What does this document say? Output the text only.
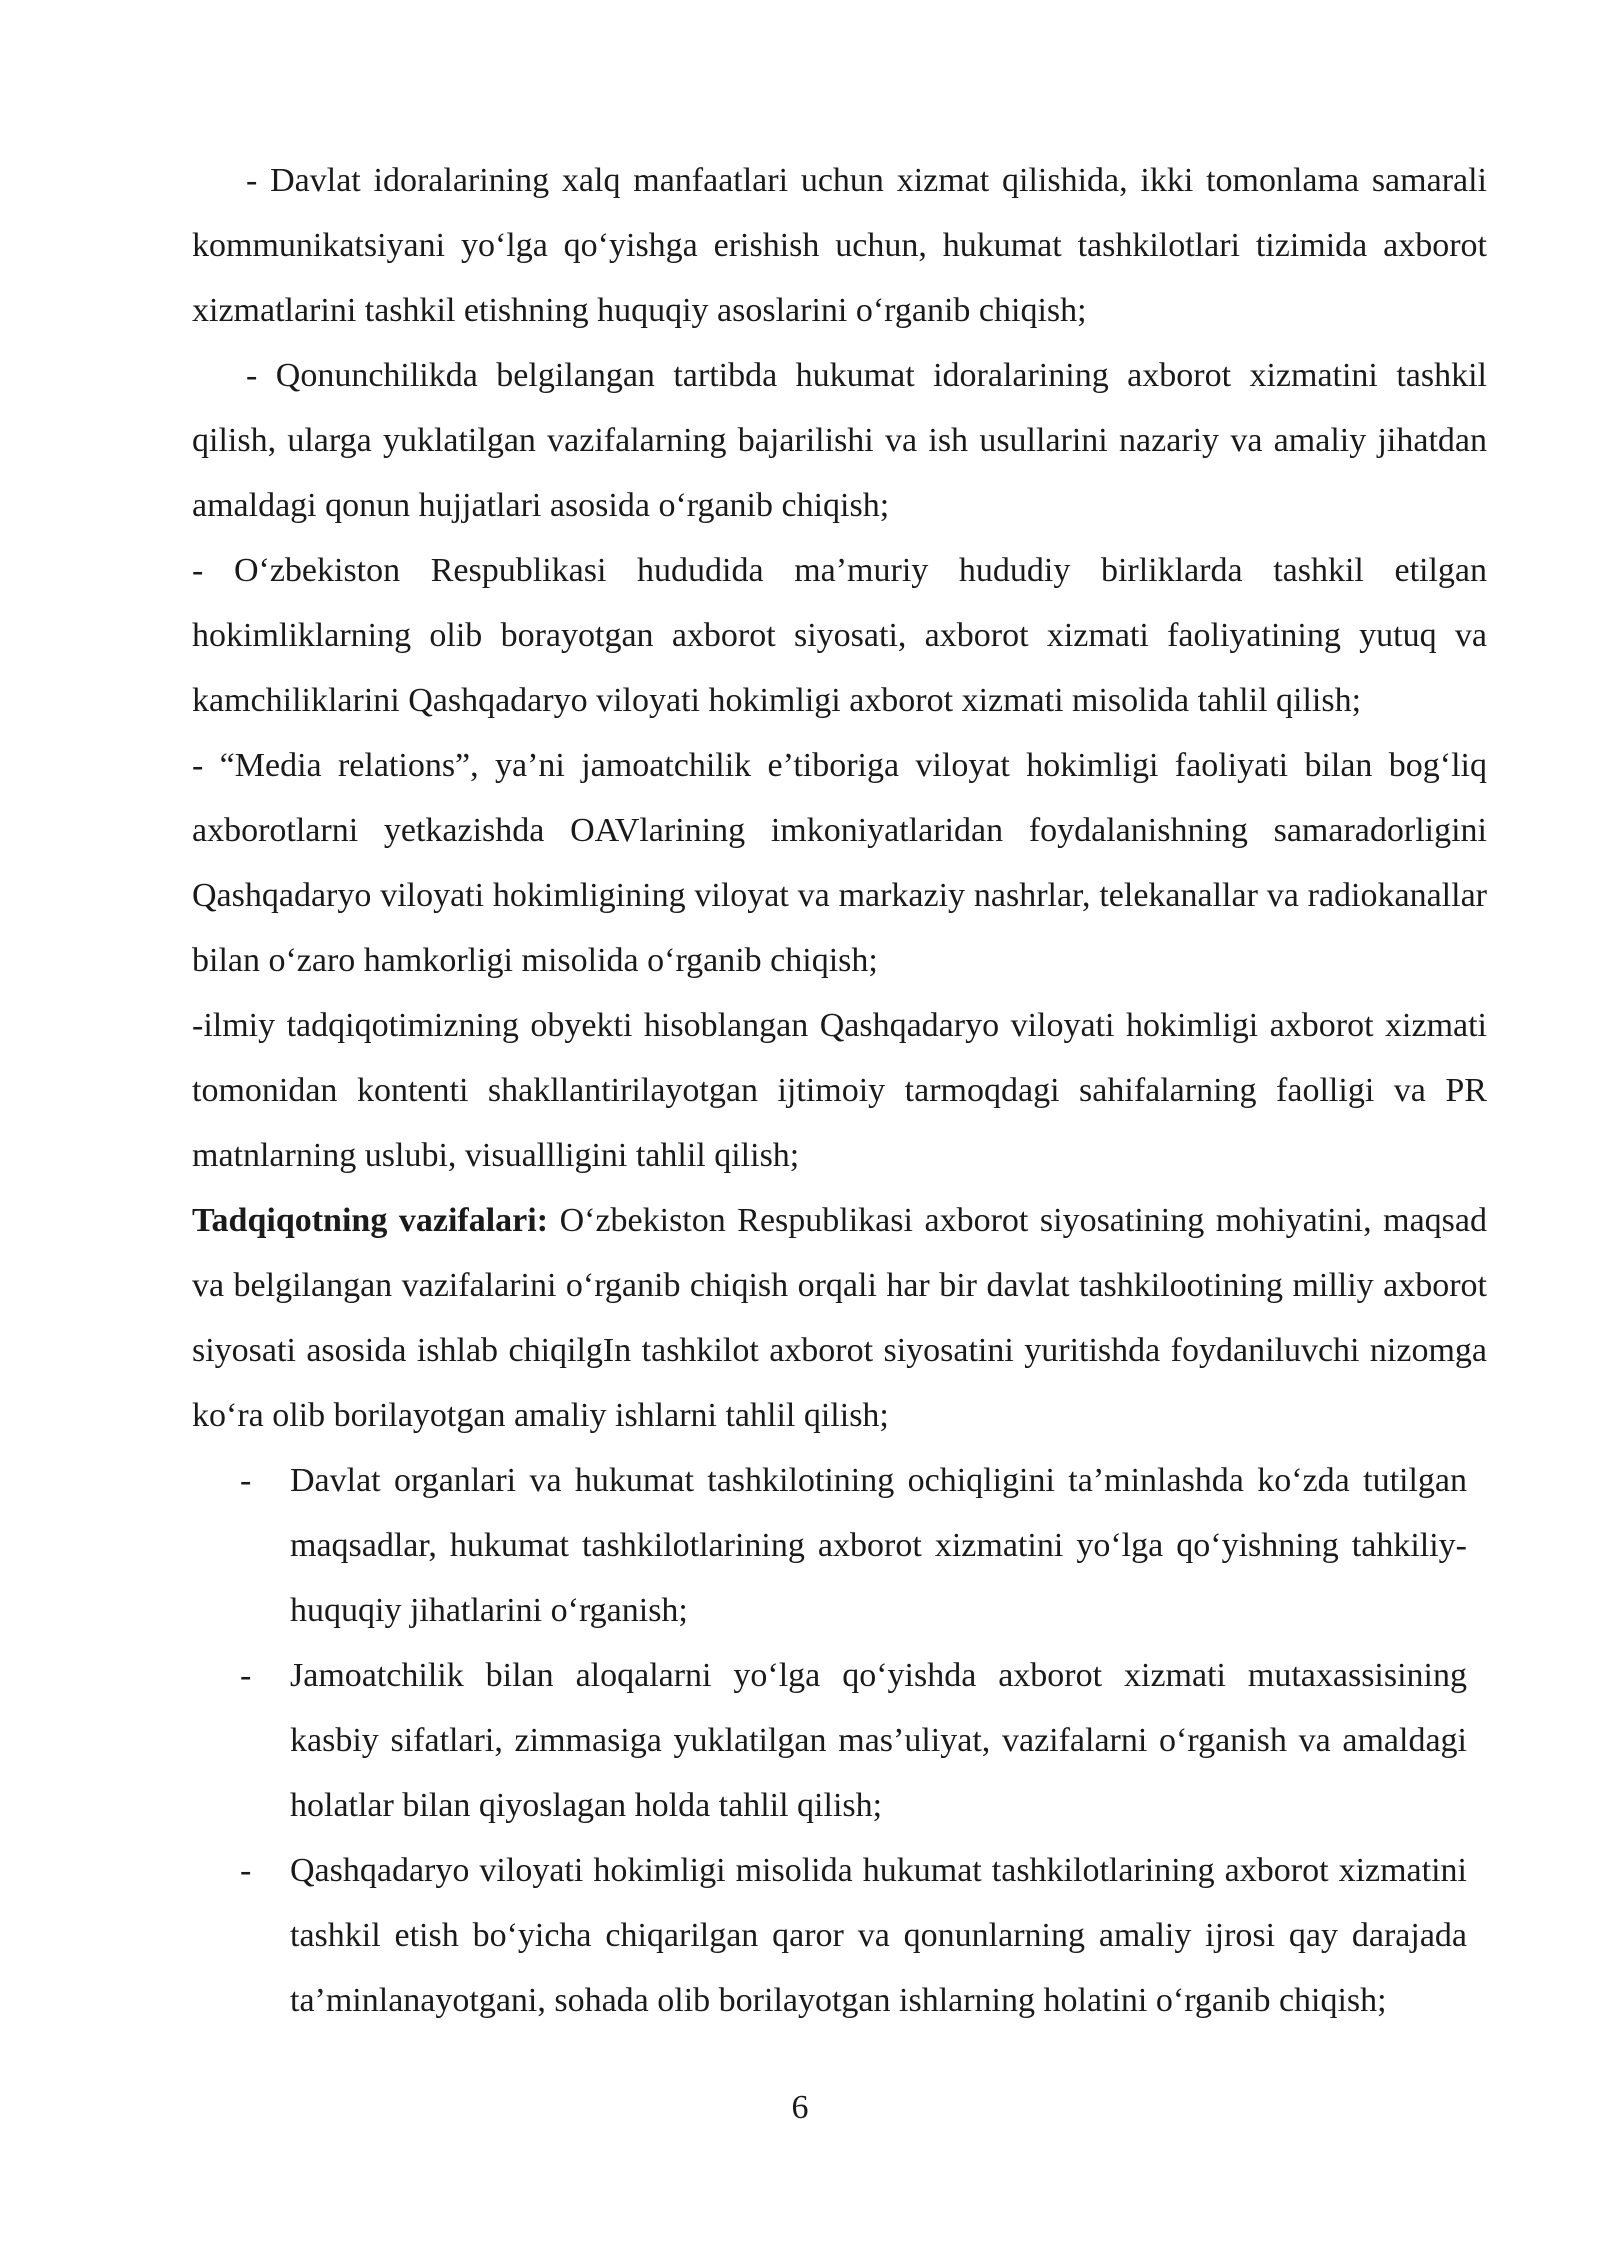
- Davlat idoralarining xalq manfaatlari uchun xizmat qilishida, ikki tomonlama samarali kommunikatsiyani yo‘lga qo‘yishga erishish uchun, hukumat tashkilotlari tizimida axborot xizmatlarini tashkil etishning huquqiy asoslarini o‘rganib chiqish;

- Qonunchilikda belgilangan tartibda hukumat idoralarining axborot xizmatini tashkil qilish, ularga yuklatilgan vazifalarning bajarilishi va ish usullarini nazariy va amaliy jihatdan amaldagi qonun hujjatlari asosida o‘rganib chiqish;

- O‘zbekiston Respublikasi hududida ma’muriy hududiy birliklarda tashkil etilgan hokimliklarning olib borayotgan axborot siyosati, axborot xizmati faoliyatining yutuq va kamchiliklarini Qashqadaryo viloyati hokimligi axborot xizmati misolida tahlil qilish;

- “Media relations”, ya’ni jamoatchilik e’tiboriga viloyat hokimligi faoliyati bilan bog‘liq axborotlarni yetkazishda OAVlarining imkoniyatlaridan foydalanishning samaradorligini Qashqadaryo viloyati hokimligining viloyat va markaziy nashrlar, telekanallar va radiokanallar bilan o‘zaro hamkorligi misolida o‘rganib chiqish;

-ilmiy tadqiqotimizning obyekti hisoblangan Qashqadaryo viloyati hokimligi axborot xizmati tomonidan kontenti shakllantirilayotgan ijtimoiy tarmoqdagi sahifalarning faolligi va PR matnlarning uslubi, visuallligini tahlil qilish;

Tadqiqotning vazifalari: O‘zbekiston Respublikasi axborot siyosatining mohiyatini, maqsad va belgilangan vazifalarini o‘rganib chiqish orqali har bir davlat tashkilootining milliy axborot siyosati asosida ishlab chiqilgIn tashkilot axborot siyosatini yuritishda foydaniluvchi nizomga ko‘ra olib borilayotgan amaliy ishlarni tahlil qilish;

- Davlat organlari va hukumat tashkilotining ochiqligini ta’minlashda ko‘zda tutilgan maqsadlar, hukumat tashkilotlarining axborot xizmatini yo‘lga qo‘yishning tahkiliy-huquqiy jihatlarini o‘rganish;
- Jamoatchilik bilan aloqalarni yo‘lga qo‘yishda axborot xizmati mutaxassisining kasbiy sifatlari, zimmasiga yuklatilgan mas’uliyat, vazifalarni o‘rganish va amaldagi holatlar bilan qiyoslagan holda tahlil qilish;
- Qashqadaryo viloyati hokimligi misolida hukumat tashkilotlarining axborot xizmatini tashkil etish bo‘yicha chiqarilgan qaror va qonunlarning amaliy ijrosi qay darajada ta’minlanayotgani, sohada olib borilayotgan ishlarning holatini o‘rganib chiqish;
6
